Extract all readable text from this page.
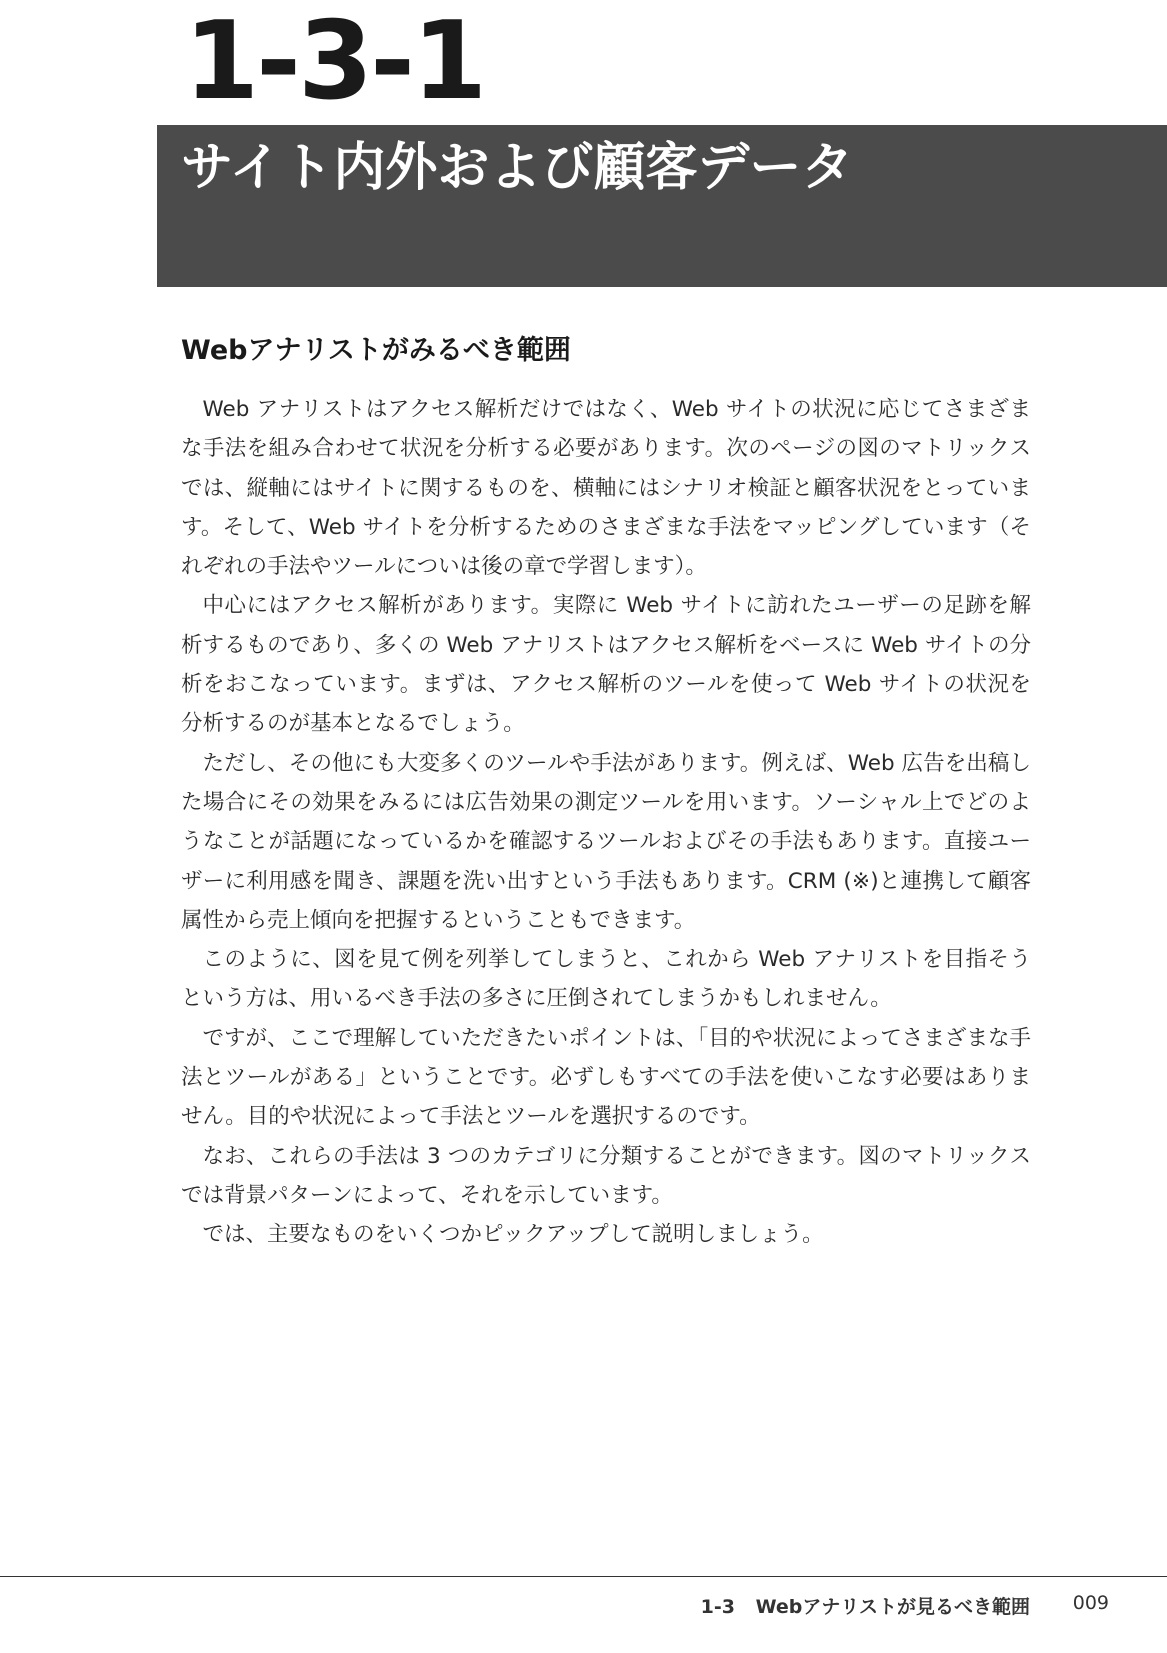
1-3-1
サイト内外および顧客データ
Webアナリストがみるべき範囲

Web アナリストはアクセス解析だけではなく、Web サイトの状況に応じてさまざまな手法を組み合わせて状況を分析する必要があります。次のページの図のマトリックスでは、縦軸にはサイトに関するものを、横軸にはシナリオ検証と顧客状況をとっています。そして、Web サイトを分析するためのさまざまな手法をマッピングしています（それぞれの手法やツールについは後の章で学習します）。

中心にはアクセス解析があります。実際に Web サイトに訪れたユーザーの足跡を解析するものであり、多くの Web アナリストはアクセス解析をベースに Web サイトの分析をおこなっています。まずは、アクセス解析のツールを使って Web サイトの状況を分析するのが基本となるでしょう。

ただし、その他にも大変多くのツールや手法があります。例えば、Web 広告を出稿した場合にその効果をみるには広告効果の測定ツールを用います。ソーシャル上でどのようなことが話題になっているかを確認するツールおよびその手法もあります。直接ユーザーに利用感を聞き、課題を洗い出すという手法もあります。CRM (※)と連携して顧客属性から売上傾向を把握するということもできます。

このように、図を見て例を列挙してしまうと、これから Web アナリストを目指そうという方は、用いるべき手法の多さに圧倒されてしまうかもしれません。

ですが、ここで理解していただきたいポイントは、「目的や状況によってさまざまな手法とツールがある」ということです。必ずしもすべての手法を使いこなす必要はありません。目的や状況によって手法とツールを選択するのです。

なお、これらの手法は 3 つのカテゴリに分類することができます。図のマトリックスでは背景パターンによって、それを示しています。

では、主要なものをいくつかピックアップして説明しましょう。

1-3 Webアナリストが見るべき範囲 009
